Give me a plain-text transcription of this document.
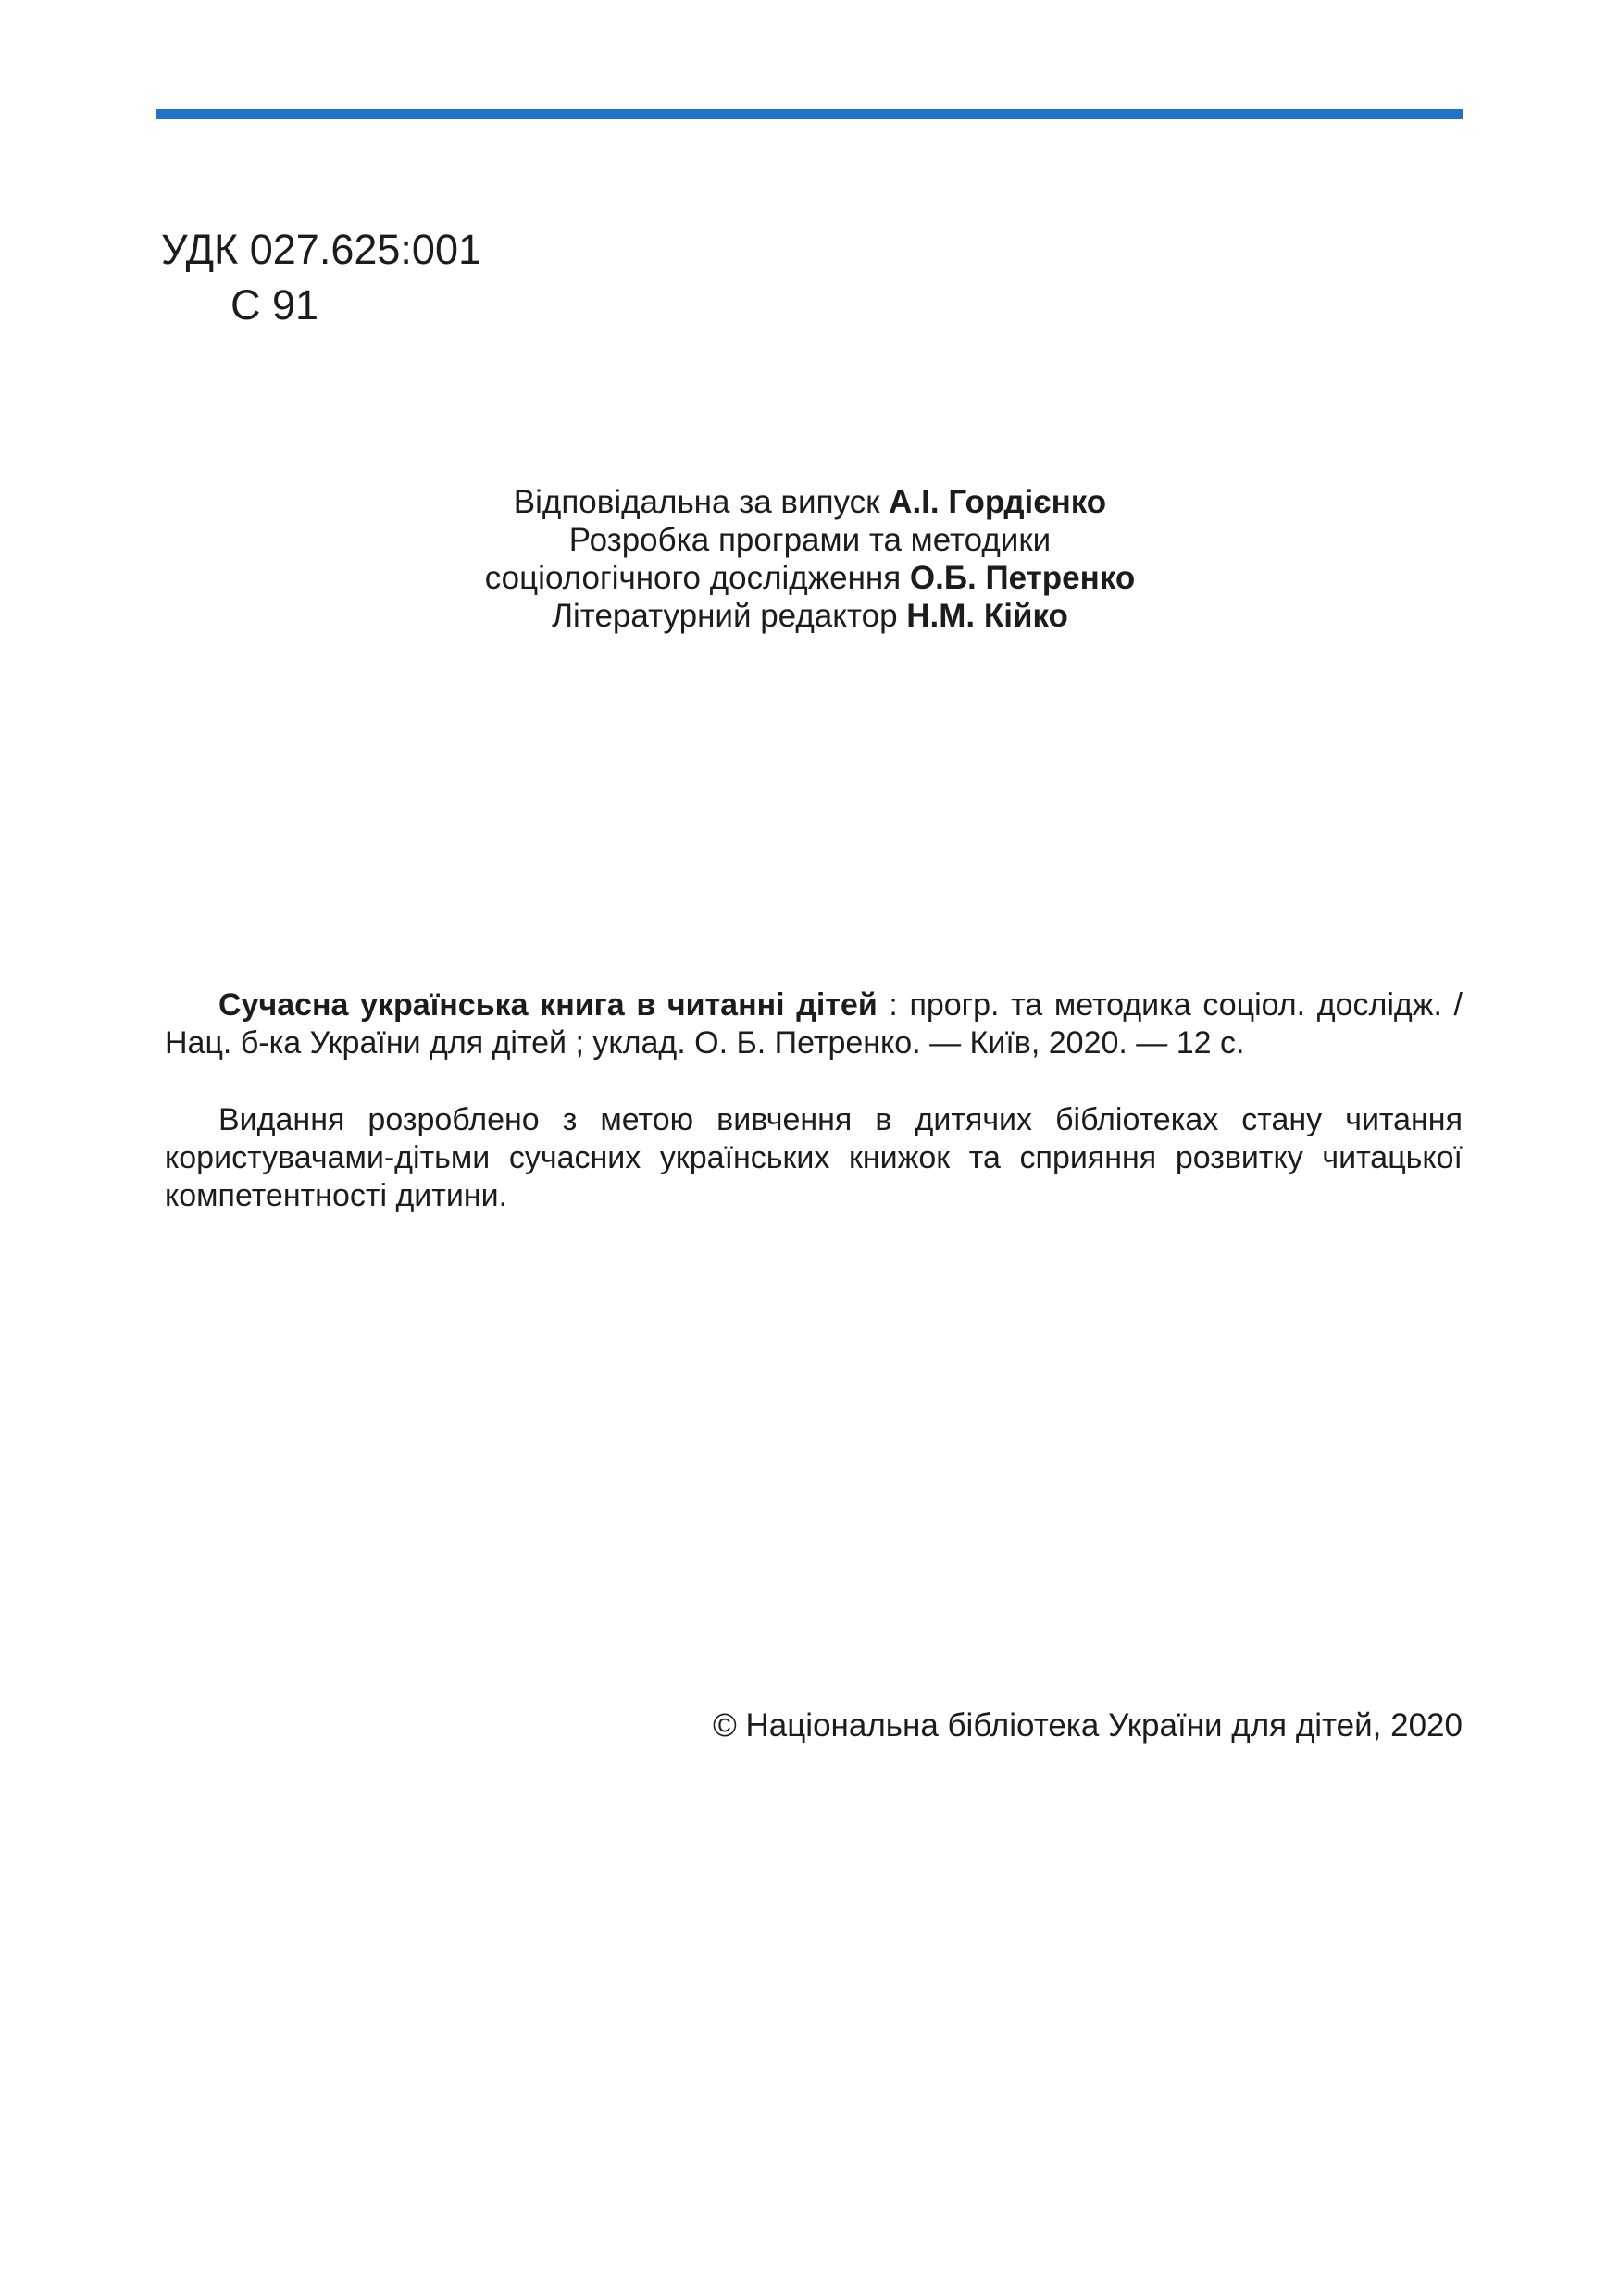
УДК 027.625:001
С 91
Відповідальна за випуск А.І. Гордієнко
Розробка програми та методики
соціологічного дослідження О.Б. Петренко
Літературний редактор Н.М. Кійко

Сучасна українська книга в читанні дітей : прогр. та методика соціол. дослідж. / Нац. б-ка України для дітей ; уклад. О. Б. Петренко. — Київ, 2020. — 12 с.

Видання розроблено з метою вивчення в дитячих бібліотеках стану читання користувачами-дітьми сучасних українських книжок та сприяння розвитку читацької компетентності дитини.

© Національна бібліотека України для дітей, 2020
